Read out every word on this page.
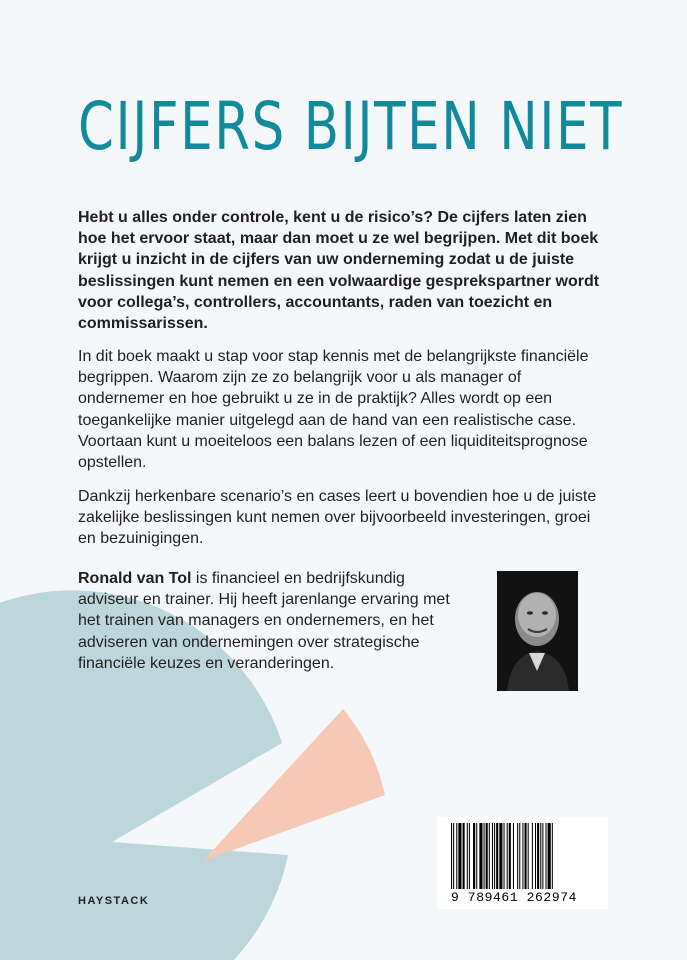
CIJFERS BIJTEN NIET

Hebt u alles onder controle, kent u de risico’s? De cijfers laten zien hoe het ervoor staat, maar dan moet u ze wel begrijpen. Met dit boek krijgt u inzicht in de cijfers van uw onderneming zodat u de juiste beslissingen kunt nemen en een volwaardige gesprekspartner wordt voor collega’s, controllers, accountants, raden van toezicht en commissarissen.

In dit boek maakt u stap voor stap kennis met de belangrijkste financiële begrippen. Waarom zijn ze zo belangrijk voor u als manager of ondernemer en hoe gebruikt u ze in de praktijk? Alles wordt op een toegankelijke manier uitgelegd aan de hand van een realistische case. Voortaan kunt u moeiteloos een balans lezen of een liquiditeitsprognose opstellen.

Dankzij herkenbare scenario’s en cases leert u bovendien hoe u de juiste zakelijke beslissingen kunt nemen over bijvoorbeeld investeringen, groei en bezuinigingen.

Ronald van Tol is financieel en bedrijfskundig adviseur en trainer. Hij heeft jarenlange ervaring met het trainen van managers en ondernemers, en het adviseren van ondernemingen over strategische financiële keuzes en veranderingen.

HAYSTACK	9 789461 262974
